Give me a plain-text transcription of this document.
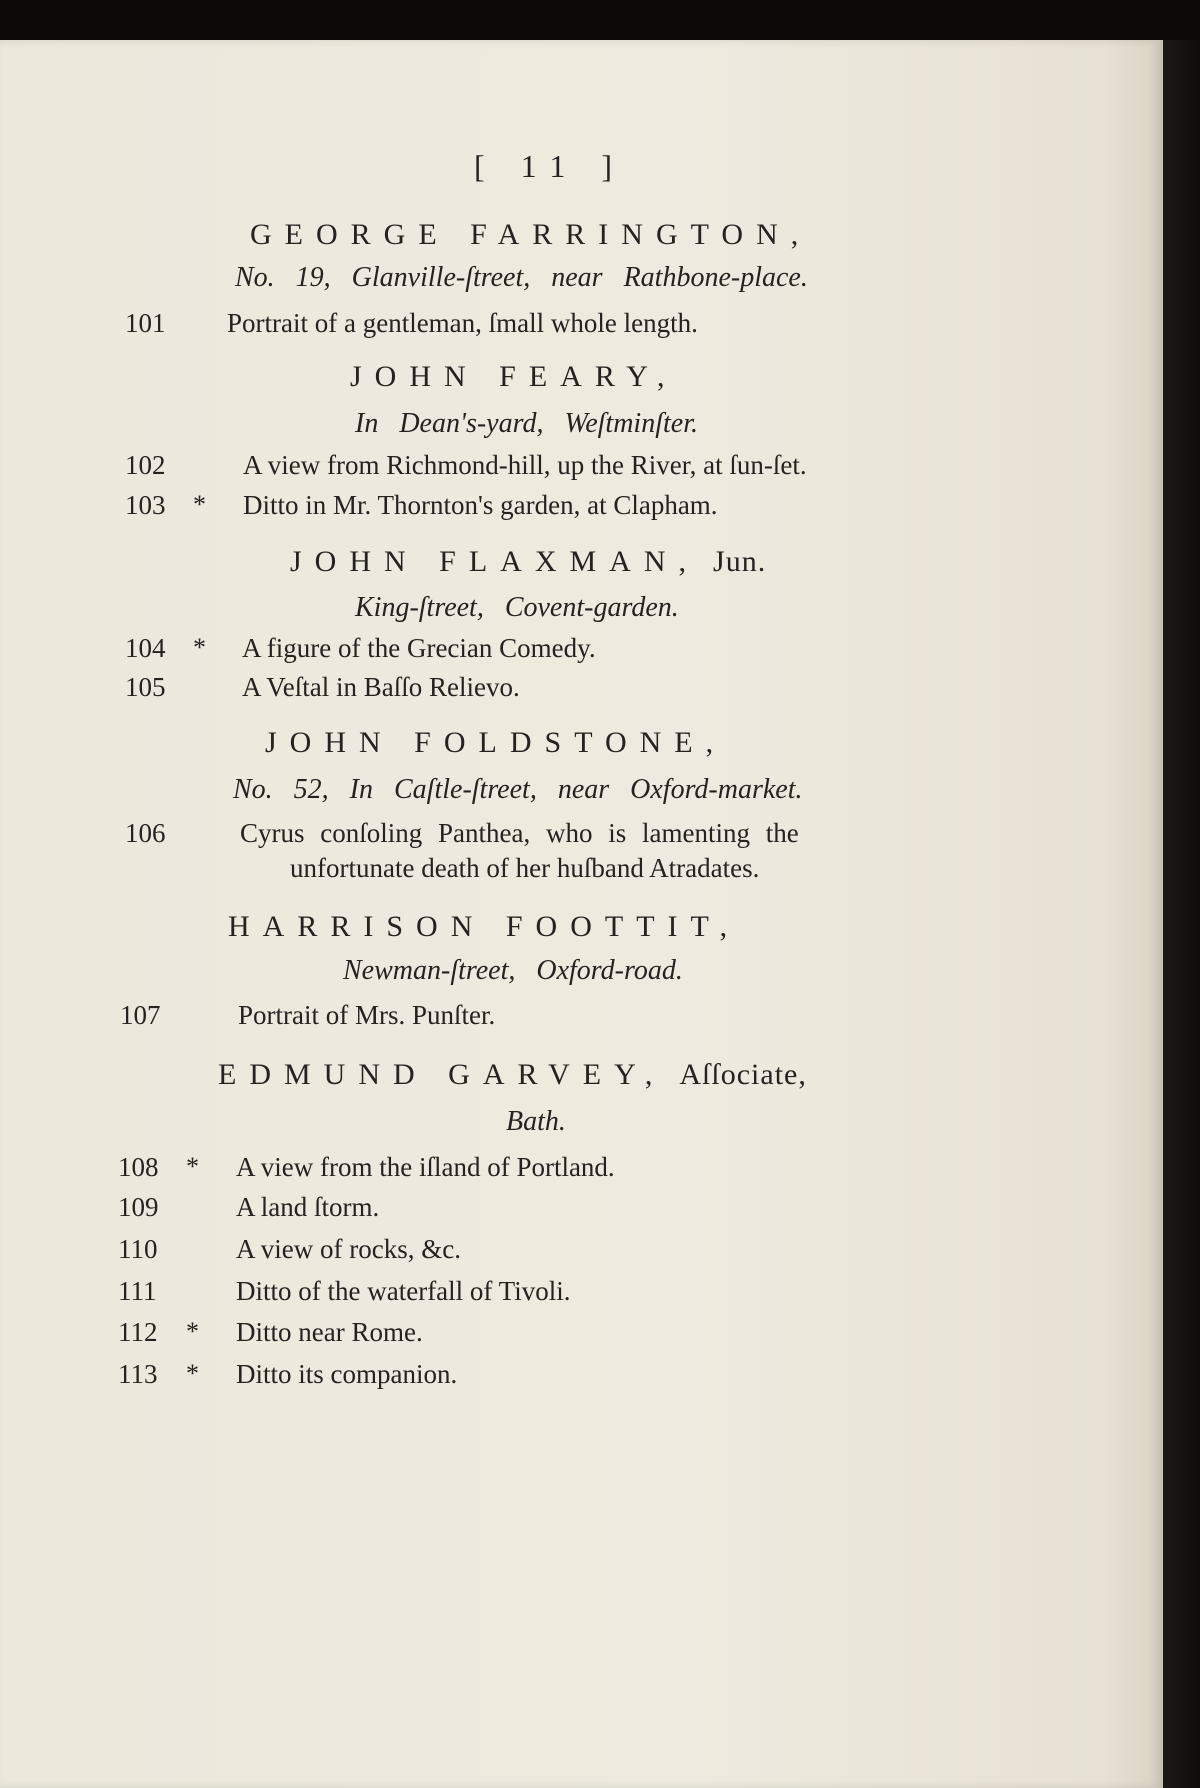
[ 11 ]
GEORGE FARRINGTON,
No. 19, Glanville-ſtreet, near Rathbone-place.
101	Portrait of a gentleman, ſmall whole length.
JOHN FEARY,
In Dean's-yard, Weſtminſter.
102	A view from Richmond-hill, up the River, at ſun-ſet.
103	* Ditto in Mr. Thornton's garden, at Clapham.
JOHN FLAXMAN, Jun.
King-ſtreet, Covent-garden.
104	* A figure of the Grecian Comedy.
105	A Veſtal in Baſſo Relievo.
JOHN FOLDSTONE,
No. 52, In Caſtle-ſtreet, near Oxford-market.
106	Cyrus conſoling Panthea, who is lamenting the
unfortunate death of her huſband Atradates.
HARRISON FOOTTIT,
Newman-ſtreet, Oxford-road.
107	Portrait of Mrs. Punſter.
EDMUND GARVEY, Aſſociate,
Bath.
108	* A view from the iſland of Portland.
109	A land ſtorm.
110	A view of rocks, &c.
111	Ditto of the waterfall of Tivoli.
112	* Ditto near Rome.
113	* Ditto its companion.
